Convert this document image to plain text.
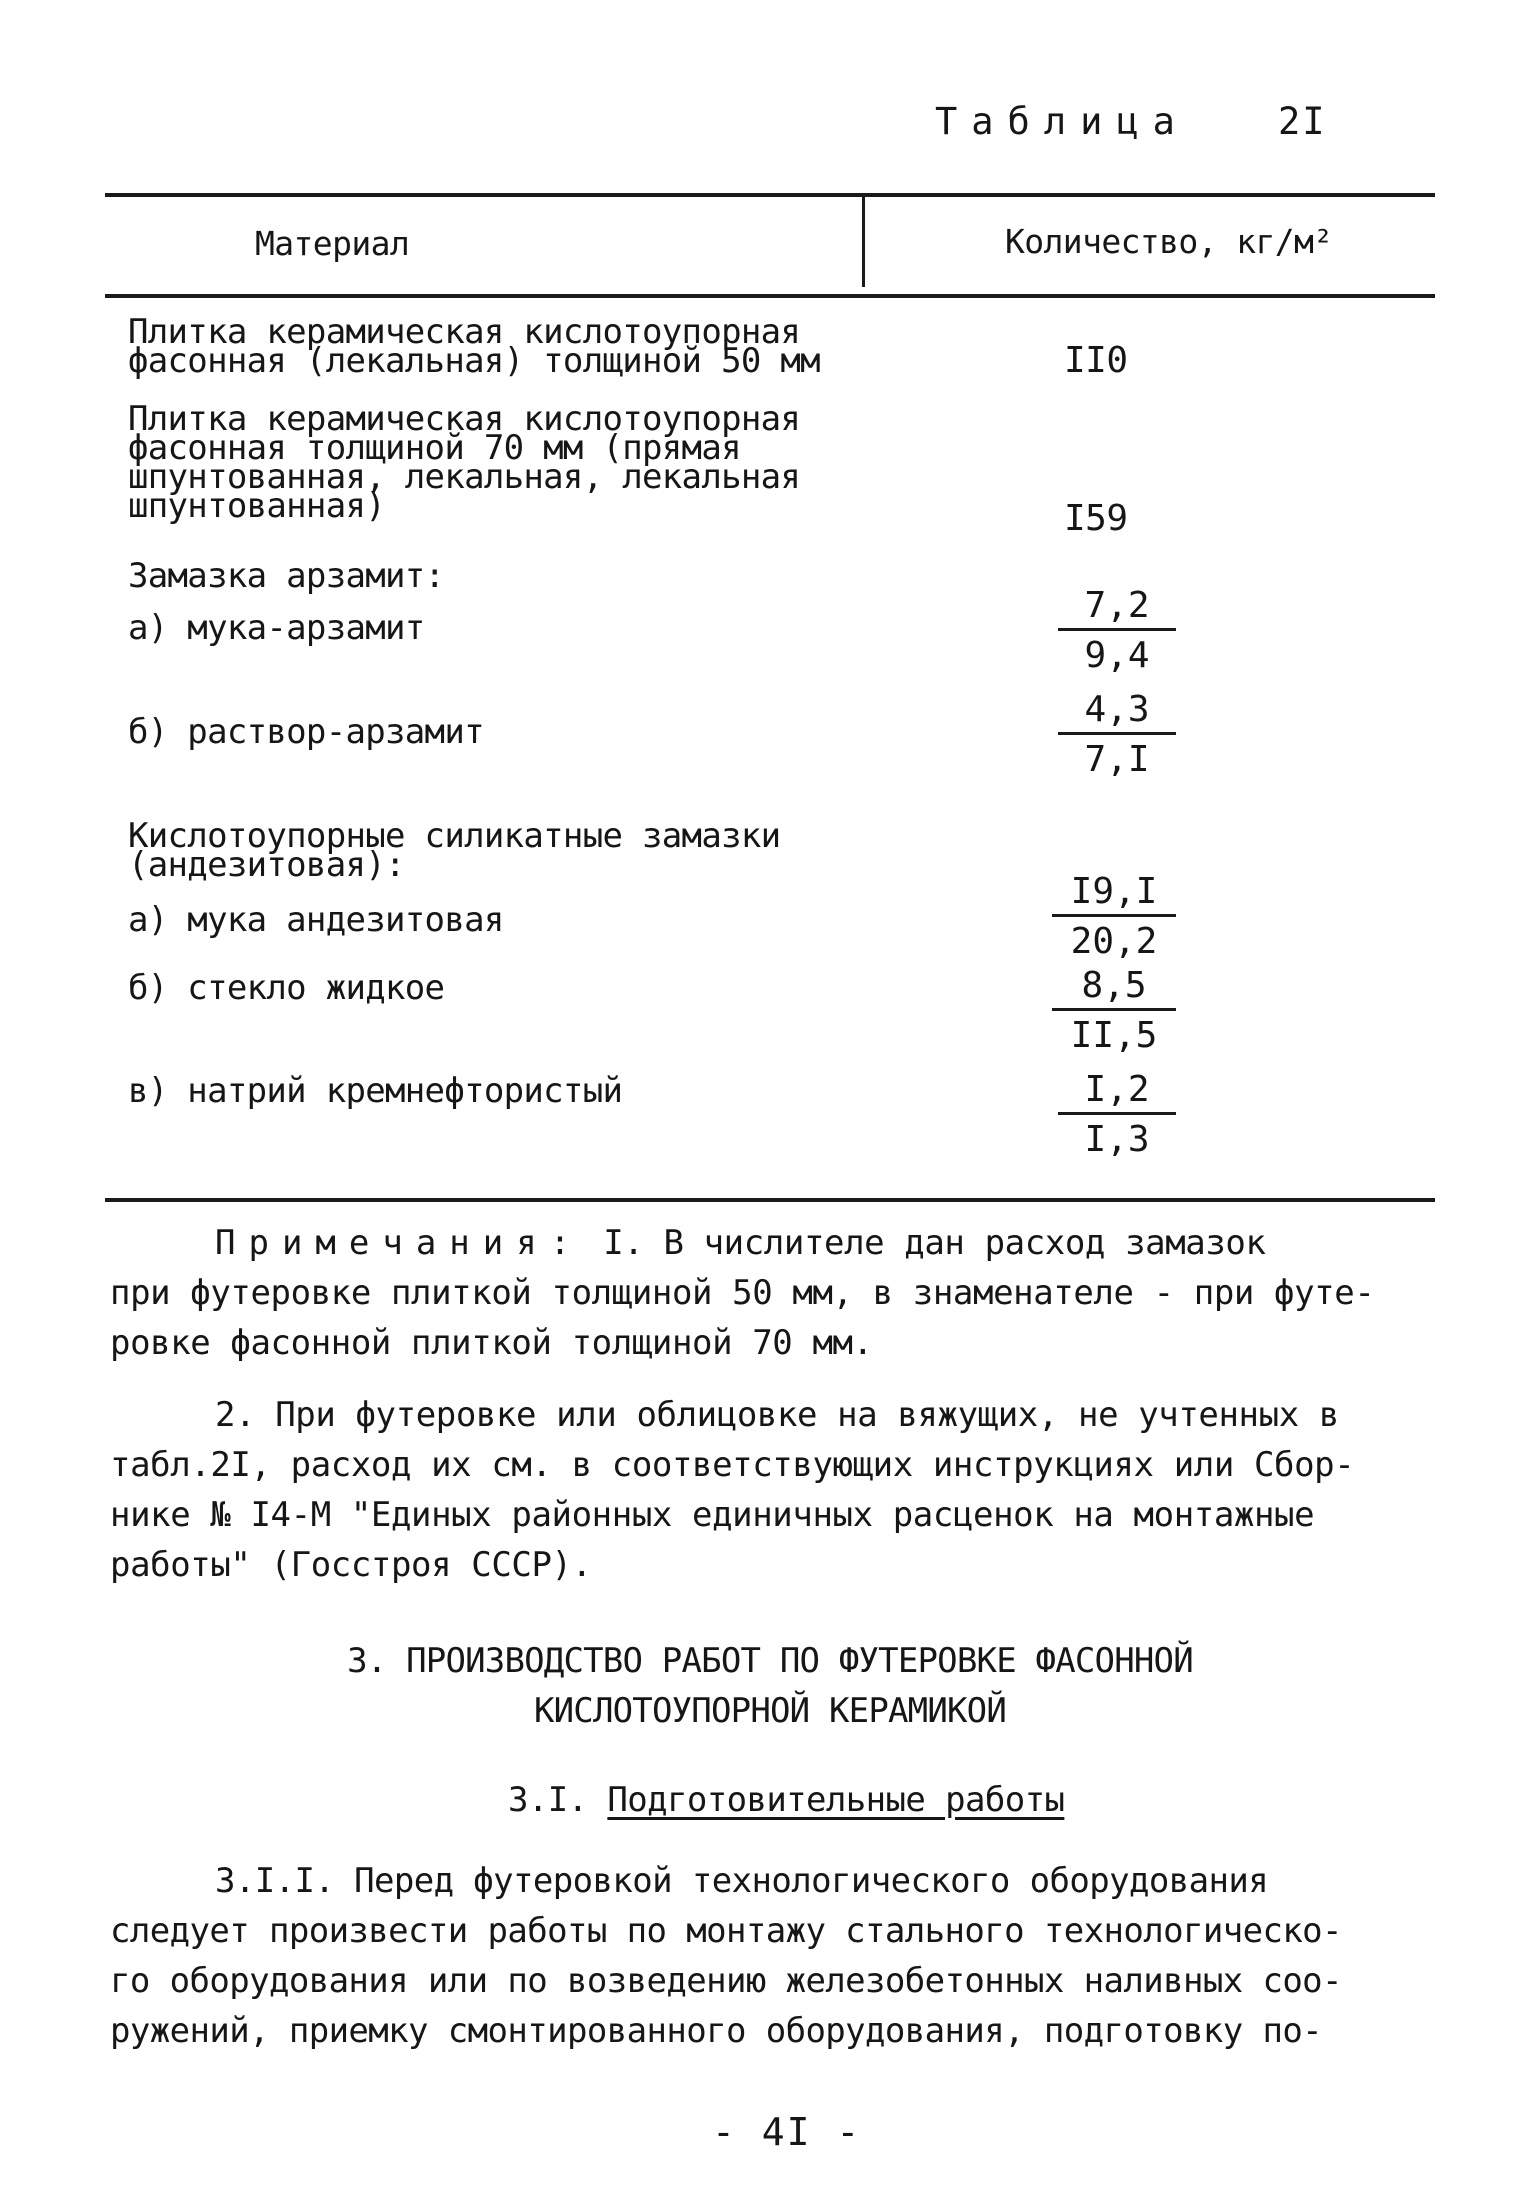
Таблица 2I
Материал	Количество, кг/м²
Плитка керамическая кислотоупорная
фасонная (лекальная) толщиной 50 мм	II0
Плитка керамическая кислотоупорная
фасонная толщиной 70 мм (прямая
шпунтованная, лекальная, лекальная
шпунтованная)	I59
Замазка арзамит:
а) мука-арзамит	$\frac{7,2}{9,4}$
б) раствор-арзамит	$\frac{4,3}{7,I}$
Кислотоупорные силикатные замазки
(андезитовая):
а) мука андезитовая	$\frac{I9,I}{20,2}$
б) стекло жидкое	$\frac{8,5}{II,5}$
в) натрий кремнефтористый	$\frac{I,2}{I,3}$
Примечания: I. В числителе дан расход замазок
при футеровке плиткой толщиной 50 мм, в знаменателе - при футе-
ровке фасонной плиткой толщиной 70 мм.
2. При футеровке или облицовке на вяжущих, не учтенных в
табл.2I, расход их см. в соответствующих инструкциях или Сбор-
нике № I4-М "Единых районных единичных расценок на монтажные
работы" (Госстроя СССР).
3. ПРОИЗВОДСТВО РАБОТ ПО ФУТЕРОВКЕ ФАСОННОЙ
КИСЛОТОУПОРНОЙ КЕРАМИКОЙ
3.I. Подготовительные работы
3.I.I. Перед футеровкой технологического оборудования
следует произвести работы по монтажу стального технологическо-
го оборудования или по возведению железобетонных наливных соо-
ружений, приемку смонтированного оборудования, подготовку по-
- 4I -
